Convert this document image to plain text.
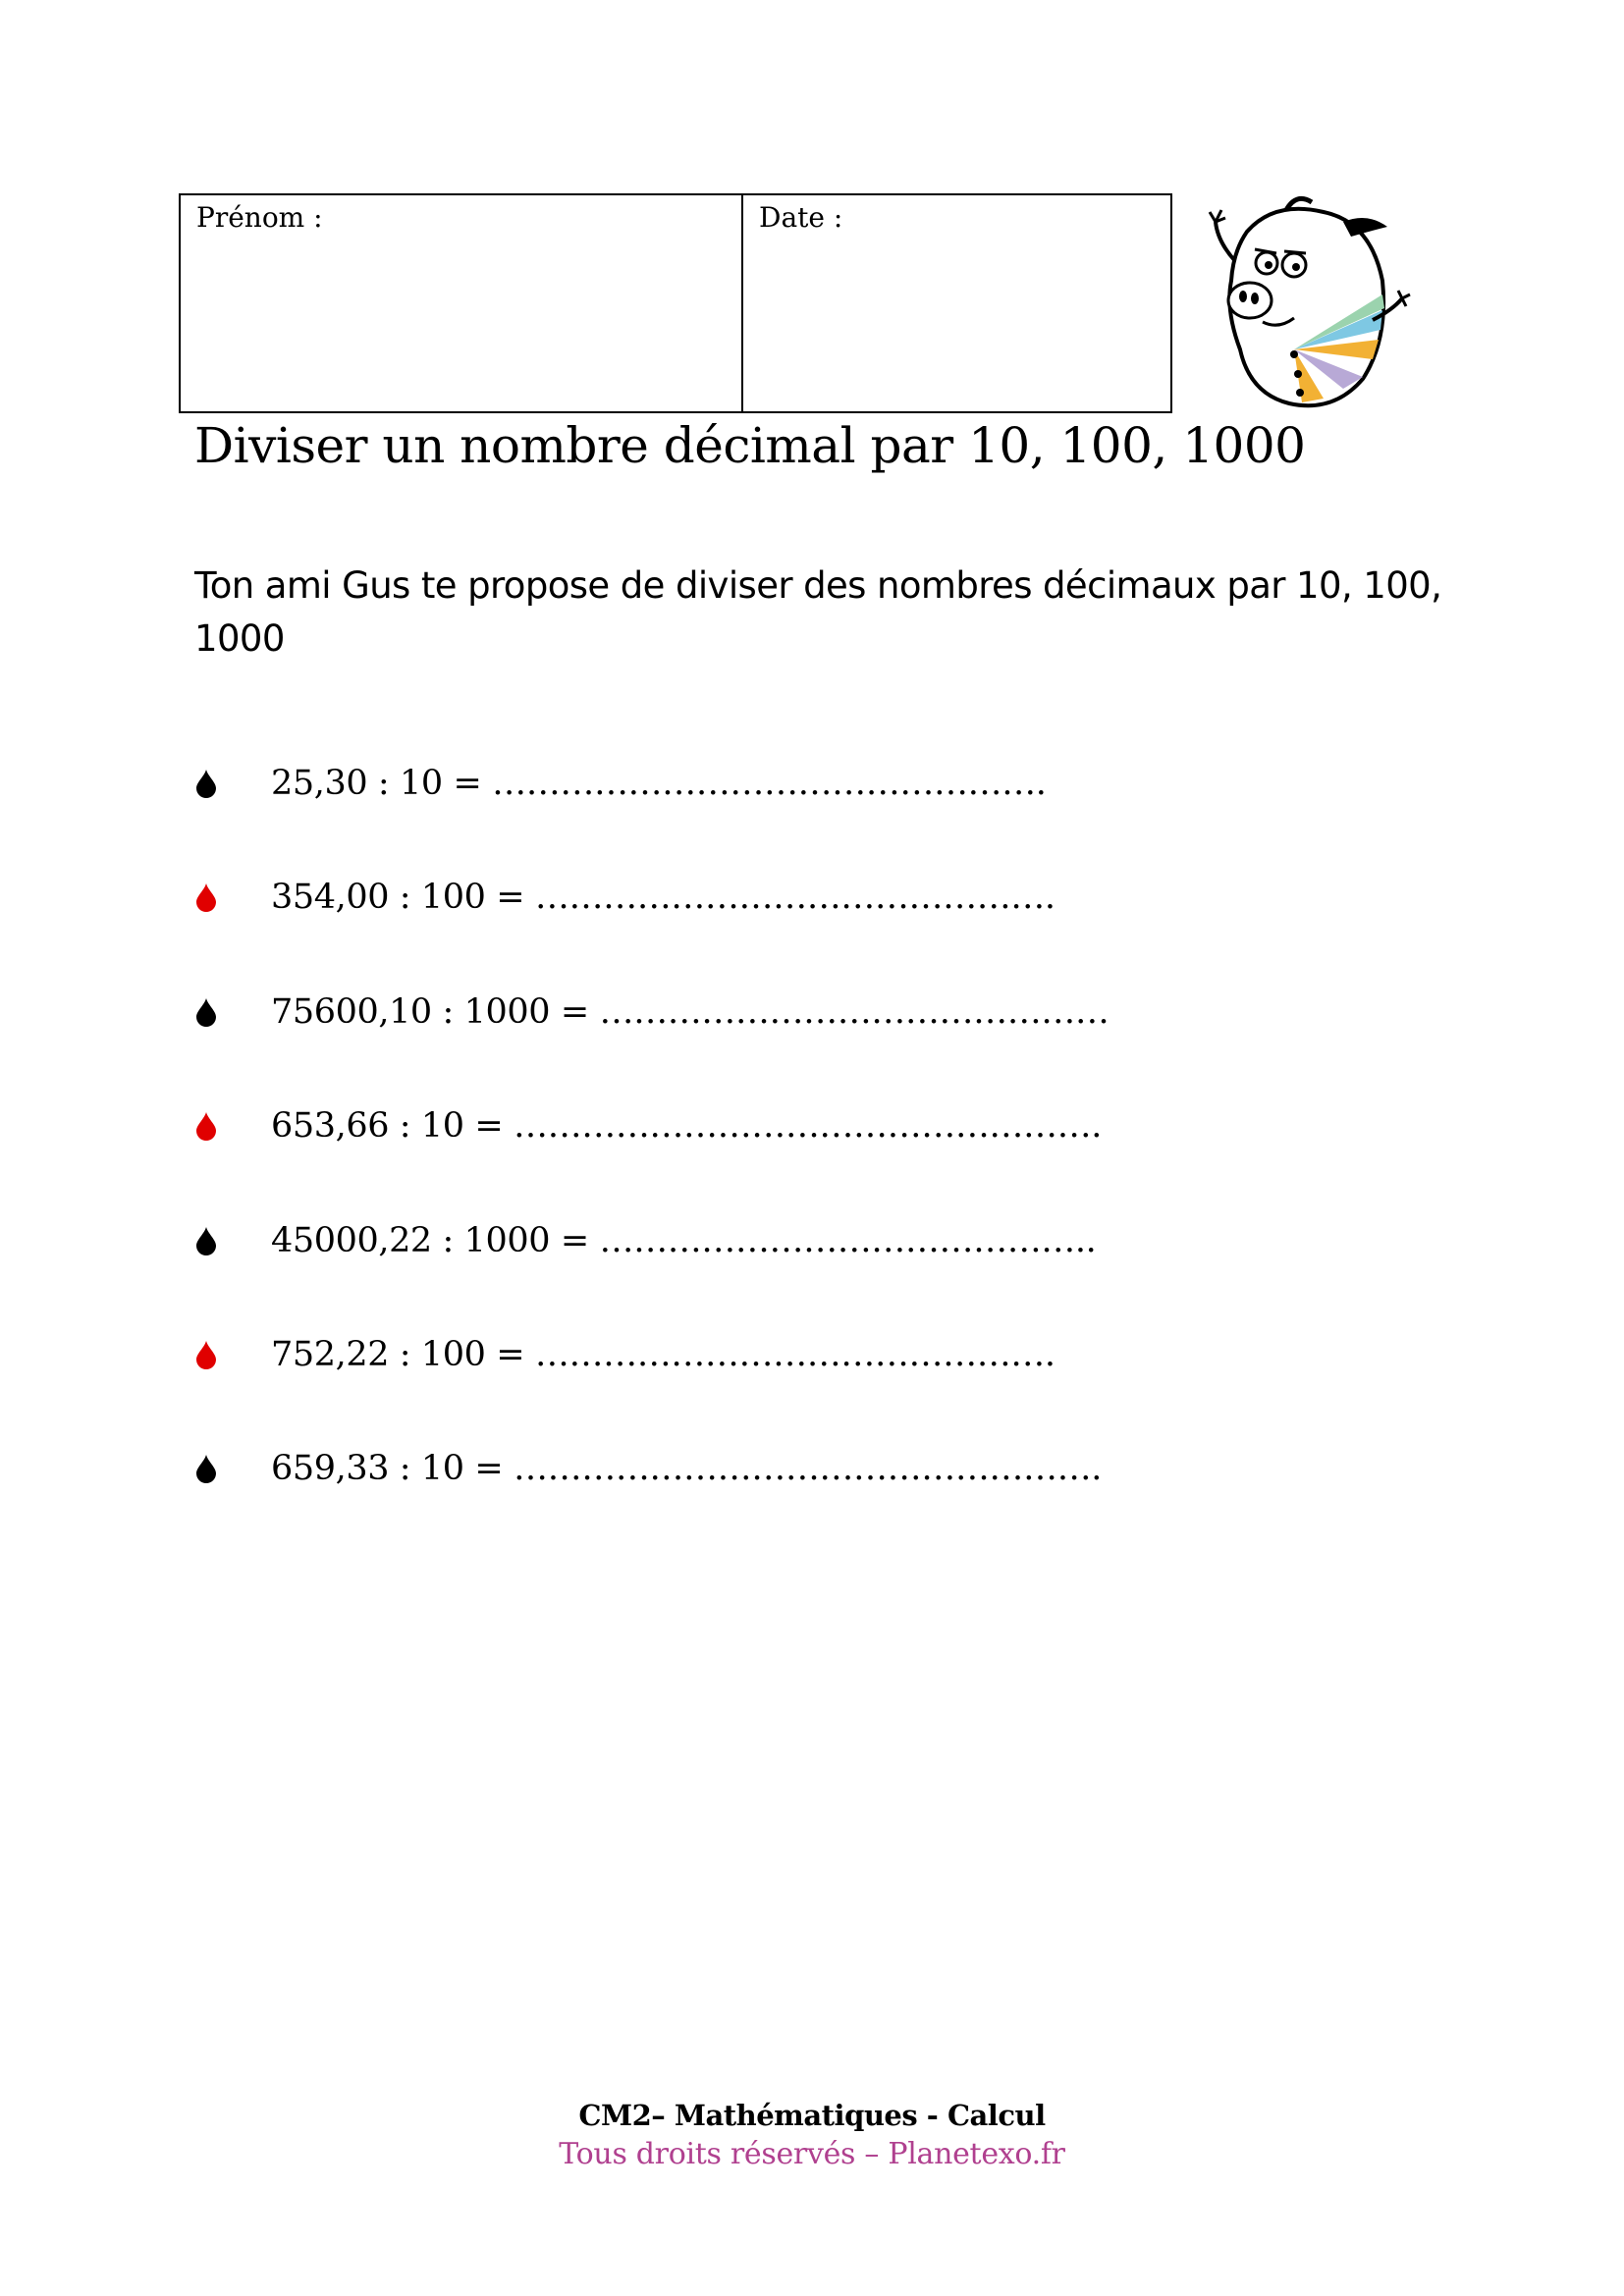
Prénom :	Date :
Diviser un nombre décimal par 10, 100, 1000

Ton ami Gus te propose de diviser des nombres décimaux par 10, 100, 1000

25,30 : 10 = ………………………………………….
354,00 : 100 = ……………………………………….
75600,10 : 1000 = ………………………………………
653,66 : 10 = …………………………………………….
45000,22 : 1000 = ……………………………………..
752,22 : 100 = ……………………………………….
659,33 : 10 = …………………………………………….
CM2– Mathématiques - Calcul
Tous droits réservés – Planetexo.fr
